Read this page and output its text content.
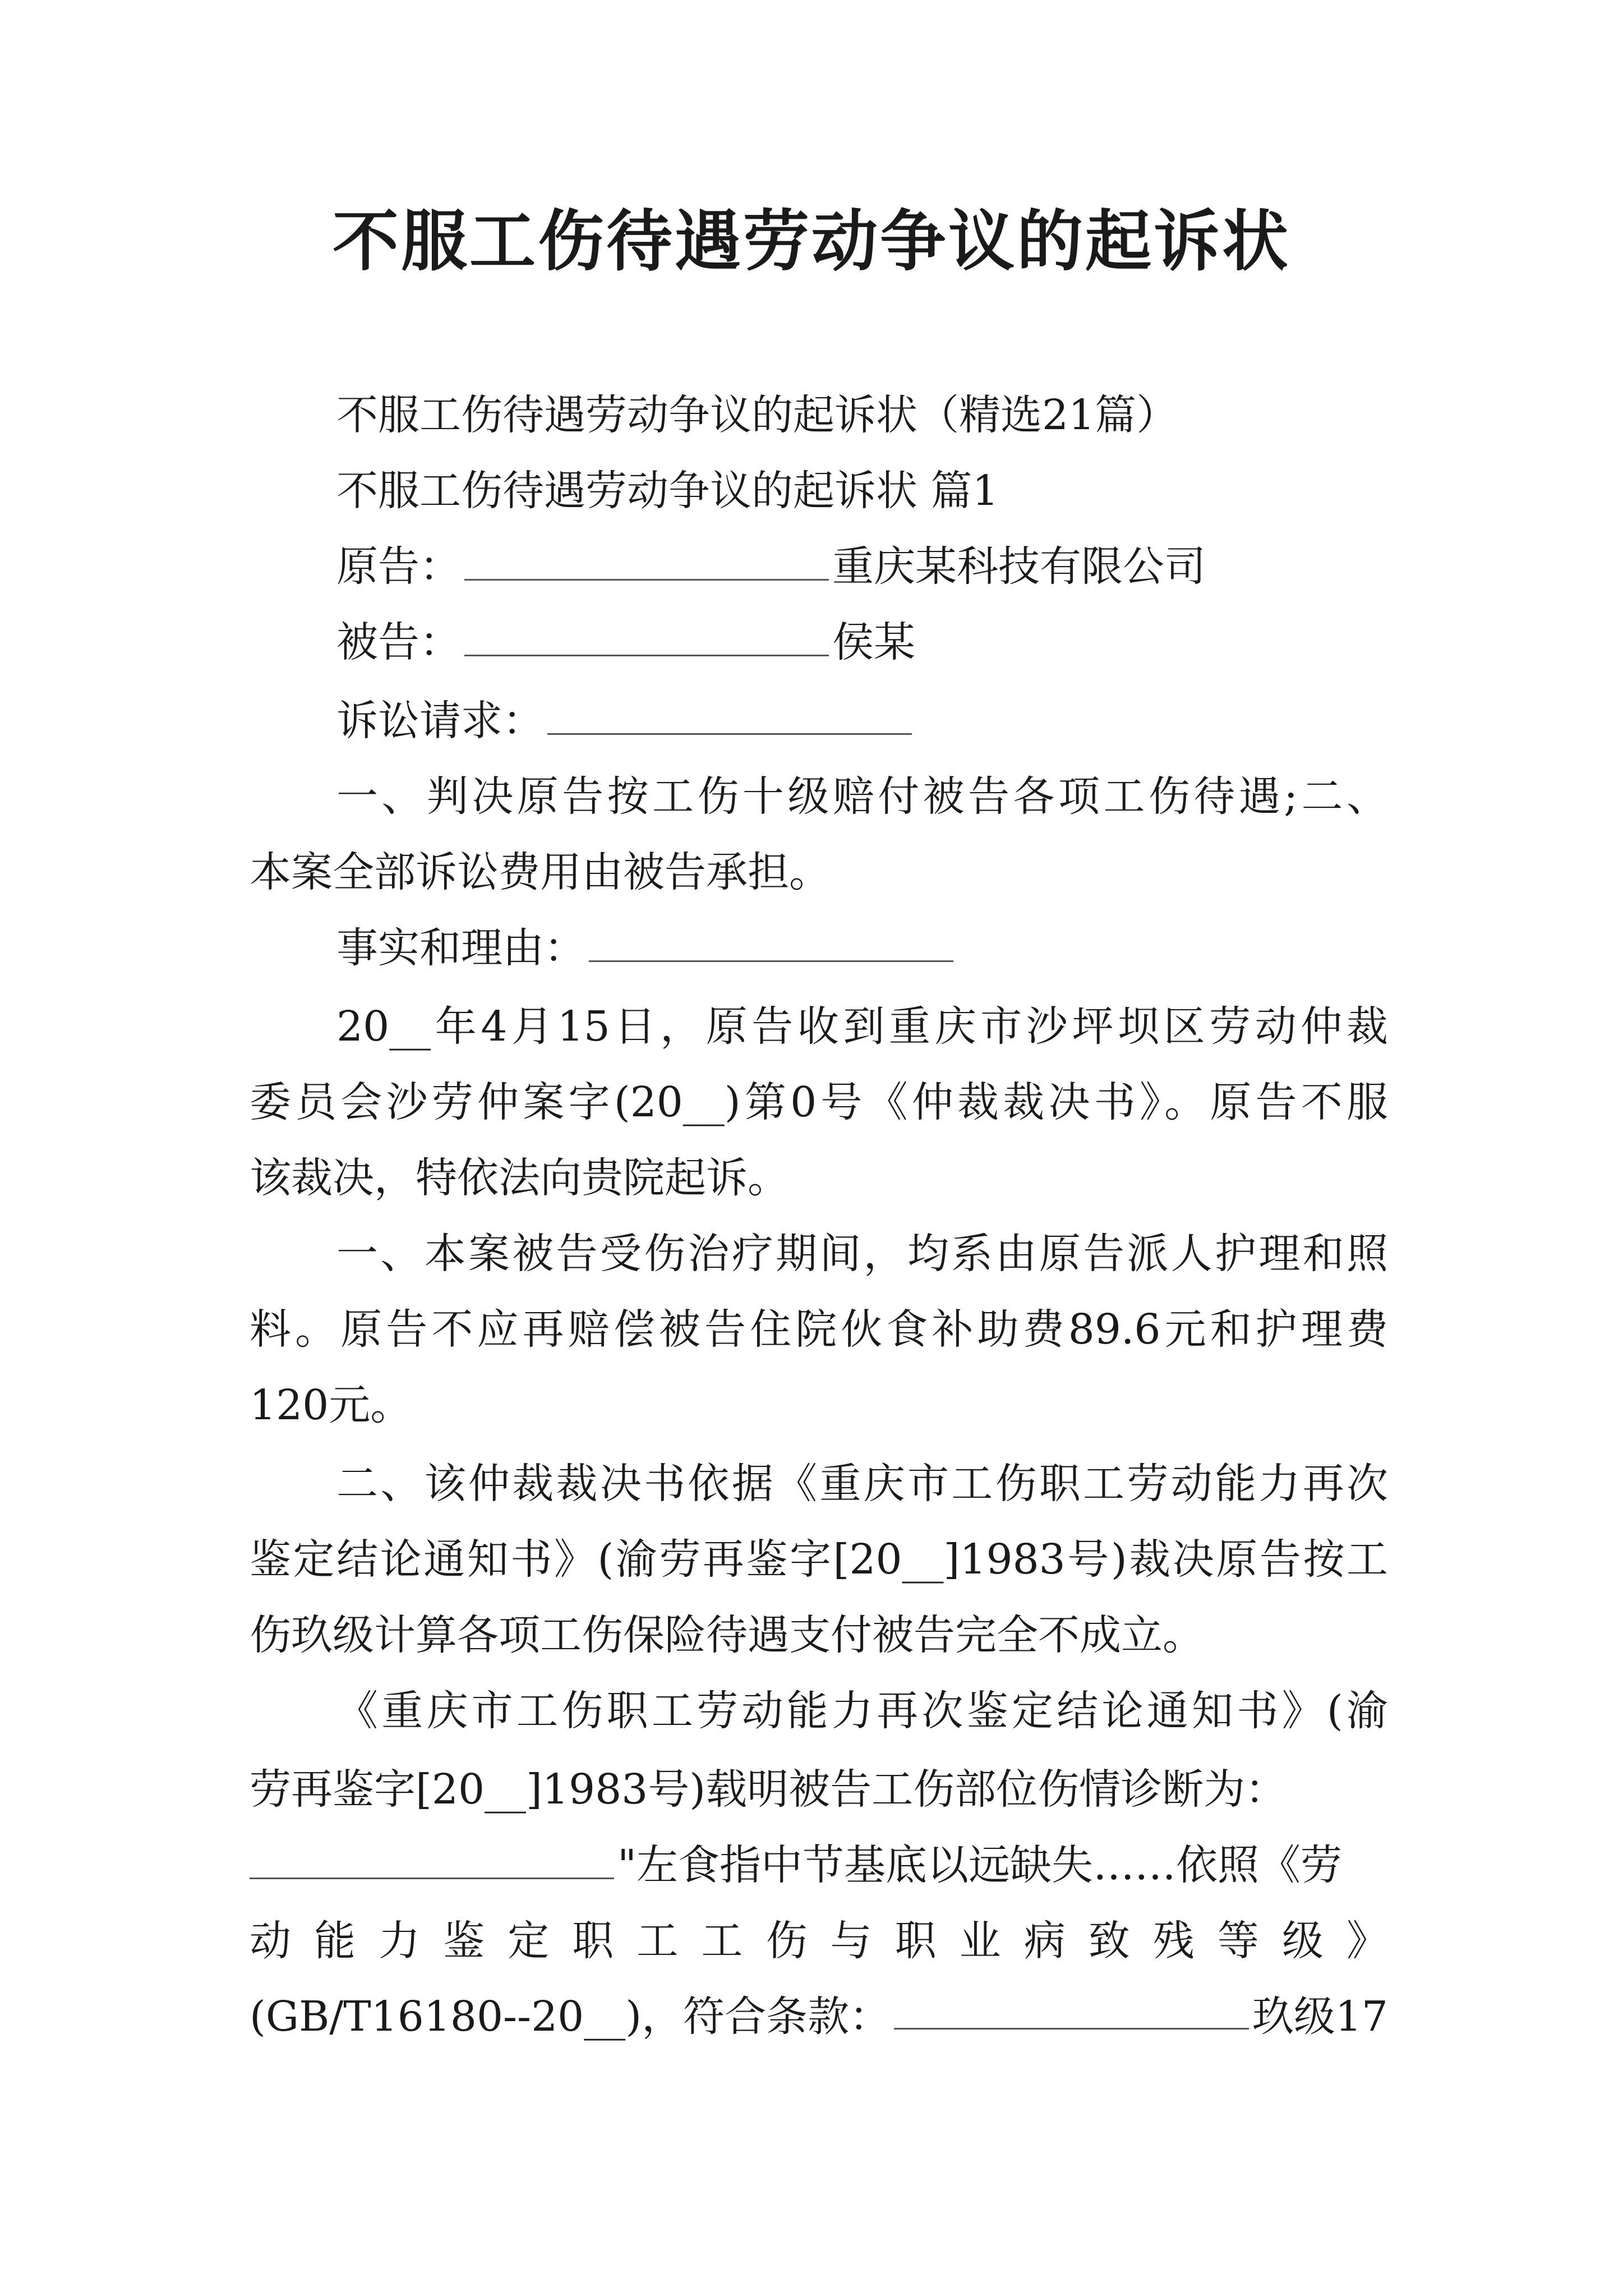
不服工伤待遇劳动争议的起诉状
不服工伤待遇劳动争议的起诉状（精选21篇）
不服工伤待遇劳动争议的起诉状 篇1
原告：	重庆某科技有限公司
被告：	侯某
诉讼请求：
一、判决原告按工伤十级赔付被告各项工伤待遇;二、
本案全部诉讼费用由被告承担。
事实和理由：
20__年4月15日，原告收到重庆市沙坪坝区劳动仲裁
委员会沙劳仲案字(20__)第0号《仲裁裁决书》。原告不服
该裁决，特依法向贵院起诉。
一、本案被告受伤治疗期间，均系由原告派人护理和照
料。原告不应再赔偿被告住院伙食补助费89.6元和护理费
120元。
二、该仲裁裁决书依据《重庆市工伤职工劳动能力再次
鉴定结论通知书》(渝劳再鉴字[20__]1983号)裁决原告按工
伤玖级计算各项工伤保险待遇支付被告完全不成立。
《重庆市工伤职工劳动能力再次鉴定结论通知书》(渝
劳再鉴字[20__]1983号)载明被告工伤部位伤情诊断为：
"左食指中节基底以远缺失……依照《劳
动能力鉴定职工工伤与职业病致残等级》
(GB/T16180--20__)，符合条款：	玖级17
